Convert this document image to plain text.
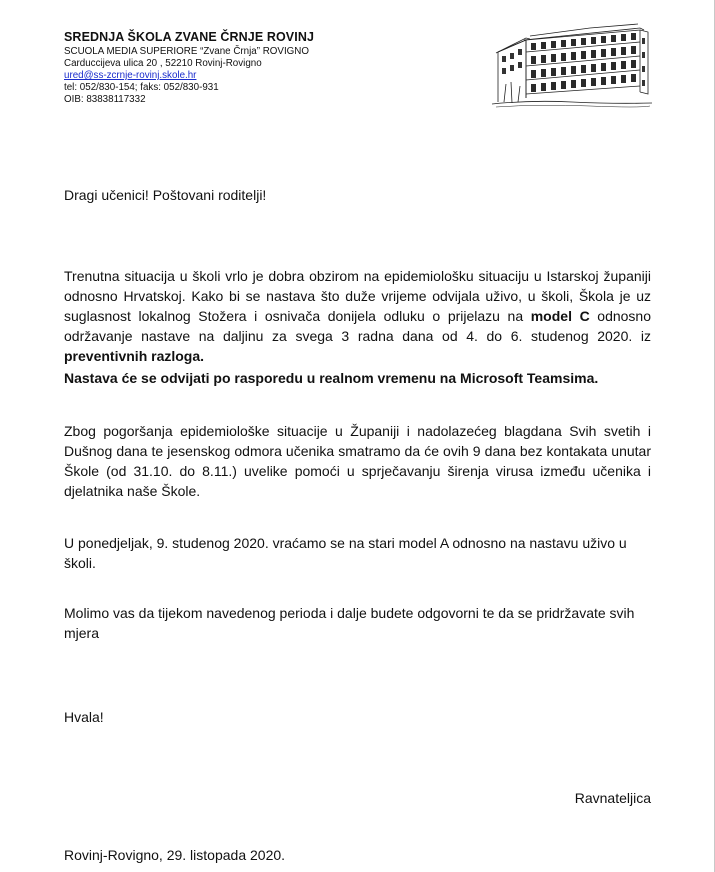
SREDNJA ŠKOLA ZVANE ČRNJE ROVINJ

SCUOLA MEDIA SUPERIORE “Zvane Črnja” ROVIGNO

Carduccijeva ulica 20 , 52210 Rovinj-Rovigno

ured@ss-zcrnje-rovinj.skole.hr

tel: 052/830-154; faks: 052/830-931

OIB: 83838117332

Dragi učenici! Poštovani roditelji!

Trenutna situacija u školi vrlo je dobra obzirom na epidemiološku situaciju u Istarskoj županiji odnosno Hrvatskoj. Kako bi se nastava što duže vrijeme odvijala uživo, u školi, Škola je uz suglasnost lokalnog Stožera i osnivača donijela odluku o prijelazu na model C odnosno održavanje nastave na daljinu za svega 3 radna dana od 4. do 6. studenog 2020. iz preventivnih razloga.

Nastava će se odvijati po rasporedu u realnom vremenu na Microsoft Teamsima.

Zbog pogoršanja epidemiološke situacije u Županiji i nadolazećeg blagdana Svih svetih i Dušnog dana te jesenskog odmora učenika smatramo da će ovih 9 dana bez kontakata unutar Škole (od 31.10. do 8.11.) uvelike pomoći u sprječavanju širenja virusa između učenika i djelatnika naše Škole.

U ponedjeljak, 9. studenog 2020. vraćamo se na stari model A odnosno na nastavu uživo u školi.

Molimo vas da tijekom navedenog perioda i dalje budete odgovorni te da se pridržavate svih mjera

Hvala!

Ravnateljica

Rovinj-Rovigno, 29. listopada 2020.
